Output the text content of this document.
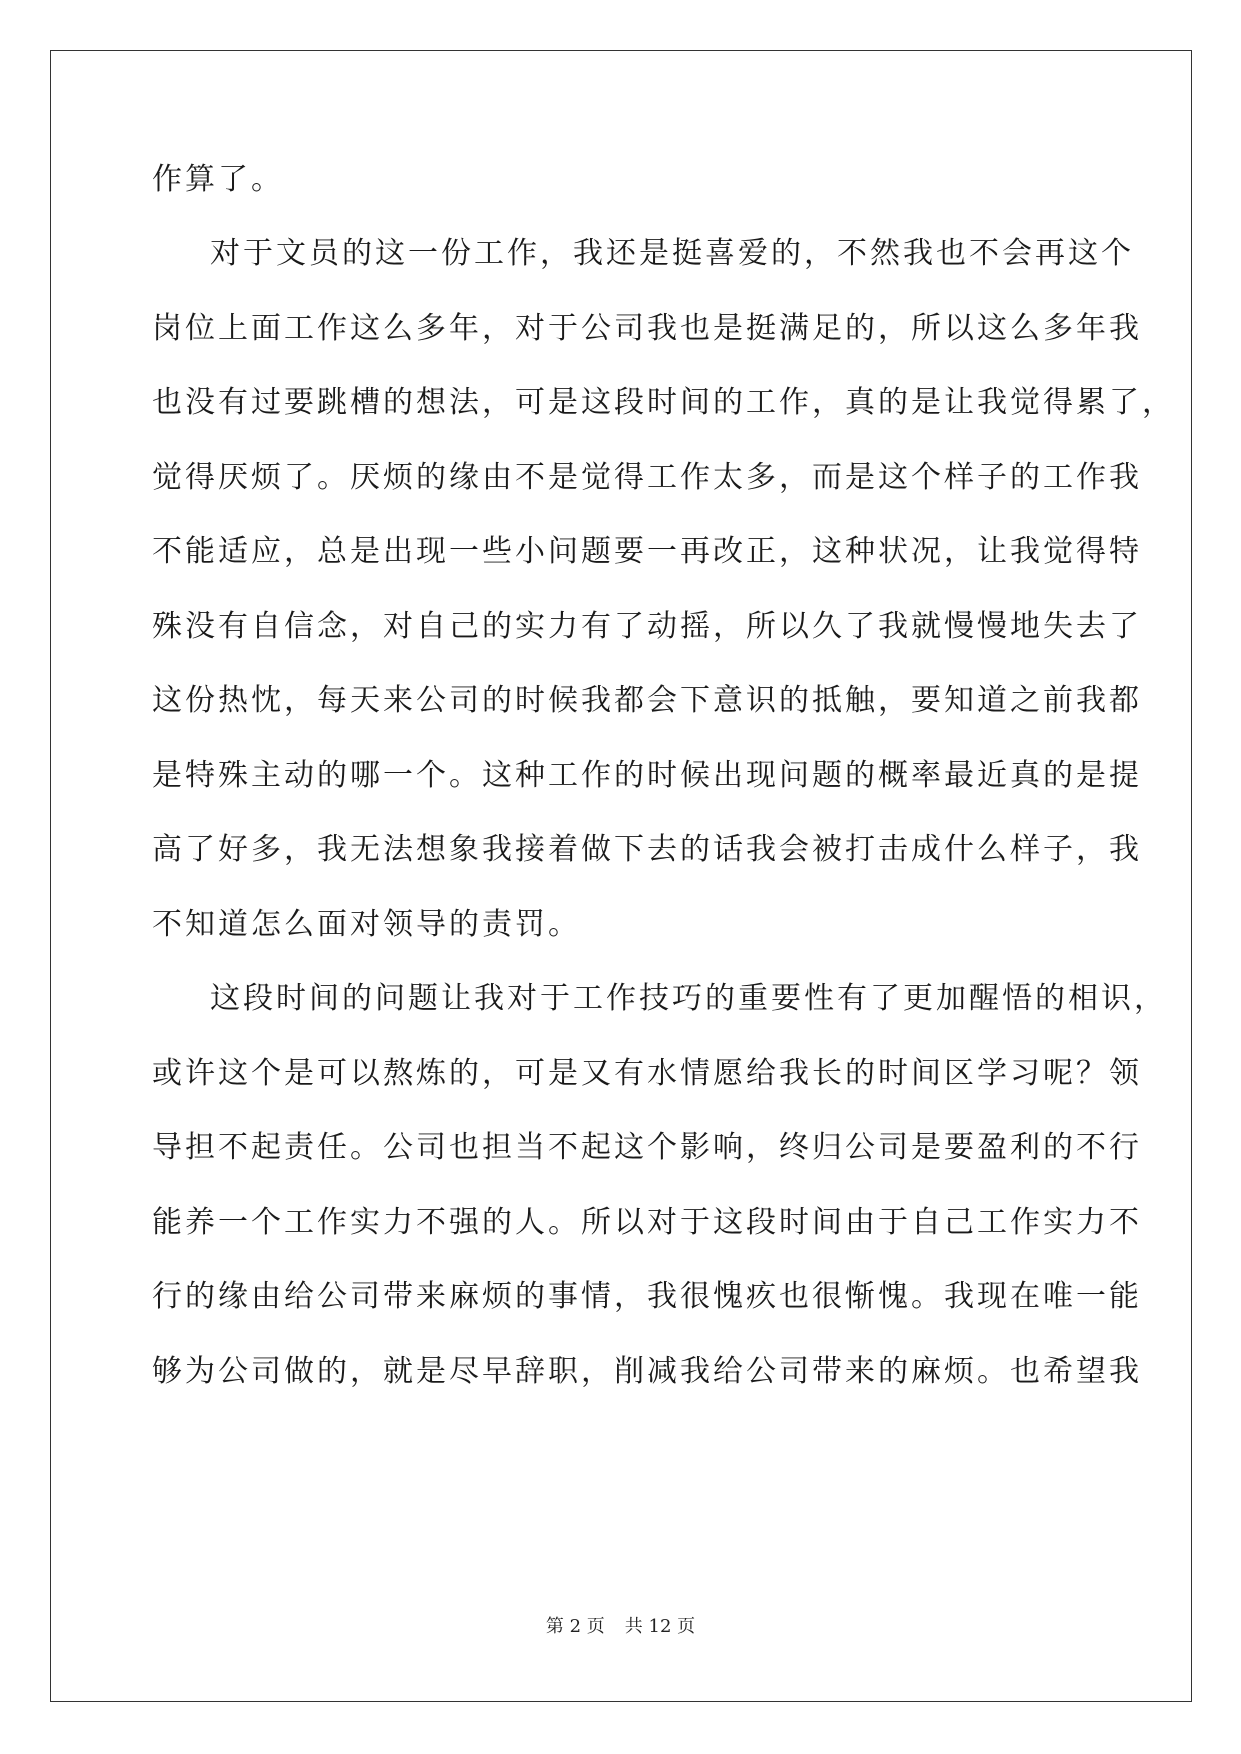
作算了。
对于文员的这一份工作，我还是挺喜爱的，不然我也不会再这个
岗位上面工作这么多年，对于公司我也是挺满足的，所以这么多年我
也没有过要跳槽的想法，可是这段时间的工作，真的是让我觉得累了，
觉得厌烦了。厌烦的缘由不是觉得工作太多，而是这个样子的工作我
不能适应，总是出现一些小问题要一再改正，这种状况，让我觉得特
殊没有自信念，对自己的实力有了动摇，所以久了我就慢慢地失去了
这份热忱，每天来公司的时候我都会下意识的抵触，要知道之前我都
是特殊主动的哪一个。这种工作的时候出现问题的概率最近真的是提
高了好多，我无法想象我接着做下去的话我会被打击成什么样子，我
不知道怎么面对领导的责罚。
这段时间的问题让我对于工作技巧的重要性有了更加醒悟的相识，
或许这个是可以熬炼的，可是又有水情愿给我长的时间区学习呢？领
导担不起责任。公司也担当不起这个影响，终归公司是要盈利的不行
能养一个工作实力不强的人。所以对于这段时间由于自己工作实力不
行的缘由给公司带来麻烦的事情，我很愧疚也很惭愧。我现在唯一能
够为公司做的，就是尽早辞职，削减我给公司带来的麻烦。也希望我
第 2 页 共 12 页
